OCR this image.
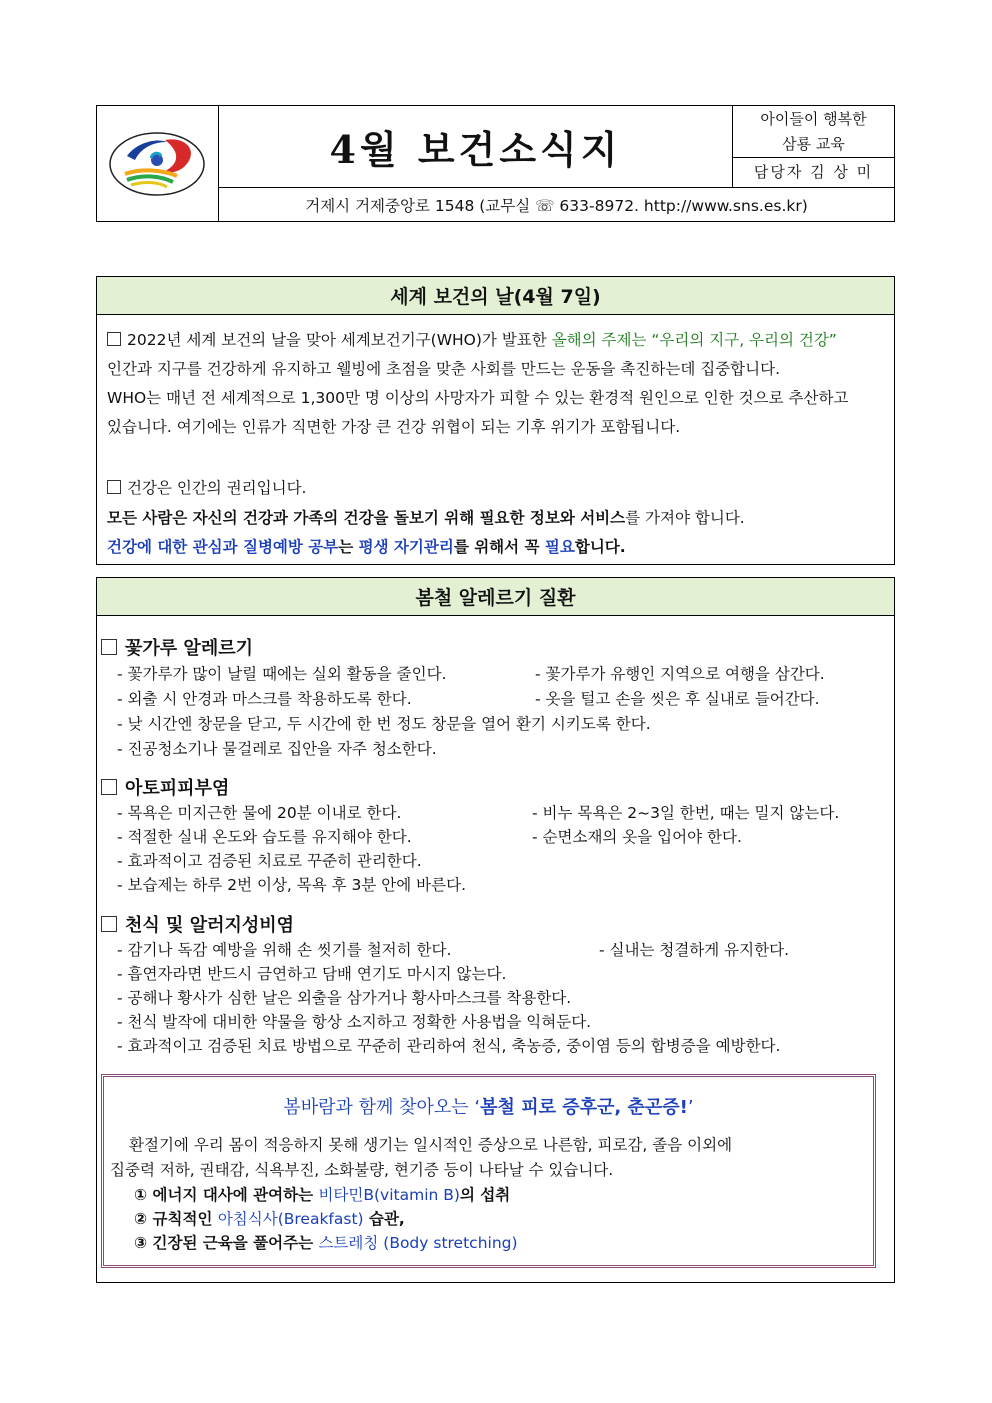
4월 보건소식지
아이들이 행복한
삼룡 교육
담당자 김 상 미
거제시 거제중앙로 1548 (교무실 ☏ 633-8972. http://www.sns.es.kr)
세계 보건의 날(4월 7일)
2022년 세계 보건의 날을 맞아 세계보건기구(WHO)가 발표한 올해의 주제는 “우리의 지구, 우리의 건강”
인간과 지구를 건강하게 유지하고 웰빙에 초점을 맞춘 사회를 만드는 운동을 촉진하는데 집중합니다.
WHO는 매년 전 세계적으로 1,300만 명 이상의 사망자가 피할 수 있는 환경적 원인으로 인한 것으로 추산하고
있습니다. 여기에는 인류가 직면한 가장 큰 건강 위협이 되는 기후 위기가 포함됩니다.
건강은 인간의 권리입니다.
모든 사람은 자신의 건강과 가족의 건강을 돌보기 위해 필요한 정보와 서비스를 가져야 합니다.
건강에 대한 관심과 질병예방 공부는 평생 자기관리를 위해서 꼭 필요합니다.
봄철 알레르기 질환
꽃가루 알레르기
- 꽃가루가 많이 날릴 때에는 실외 활동을 줄인다.	- 꽃가루가 유행인 지역으로 여행을 삼간다.
- 외출 시 안경과 마스크를 착용하도록 한다.	- 옷을 털고 손을 씻은 후 실내로 들어간다.
- 낮 시간엔 창문을 닫고, 두 시간에 한 번 정도 창문을 열어 환기 시키도록 한다.
- 진공청소기나 물걸레로 집안을 자주 청소한다.
아토피피부염
- 목욕은 미지근한 물에 20분 이내로 한다.	- 비누 목욕은 2~3일 한번, 때는 밀지 않는다.
- 적절한 실내 온도와 습도를 유지해야 한다.	- 순면소재의 옷을 입어야 한다.
- 효과적이고 검증된 치료로 꾸준히 관리한다.
- 보습제는 하루 2번 이상, 목욕 후 3분 안에 바른다.
천식 및 알러지성비염
- 감기나 독감 예방을 위해 손 씻기를 철저히 한다.	- 실내는 청결하게 유지한다.
- 흡연자라면 반드시 금연하고 담배 연기도 마시지 않는다.
- 공해나 황사가 심한 날은 외출을 삼가거나 황사마스크를 착용한다.
- 천식 발작에 대비한 약물을 항상 소지하고 정확한 사용법을 익혀둔다.
- 효과적이고 검증된 치료 방법으로 꾸준히 관리하여 천식, 축농증, 중이염 등의 합병증을 예방한다.
봄바람과 함께 찾아오는 ‘봄철 피로 증후군, 춘곤증!’
환절기에 우리 몸이 적응하지 못해 생기는 일시적인 증상으로 나른함, 피로감, 졸음 이외에
집중력 저하, 권태감, 식욕부진, 소화불량, 현기증 등이 나타날 수 있습니다.
① 에너지 대사에 관여하는 비타민B(vitamin B)의 섭취
② 규칙적인 아침식사(Breakfast) 습관,
③ 긴장된 근육을 풀어주는 스트레칭 (Body stretching)
